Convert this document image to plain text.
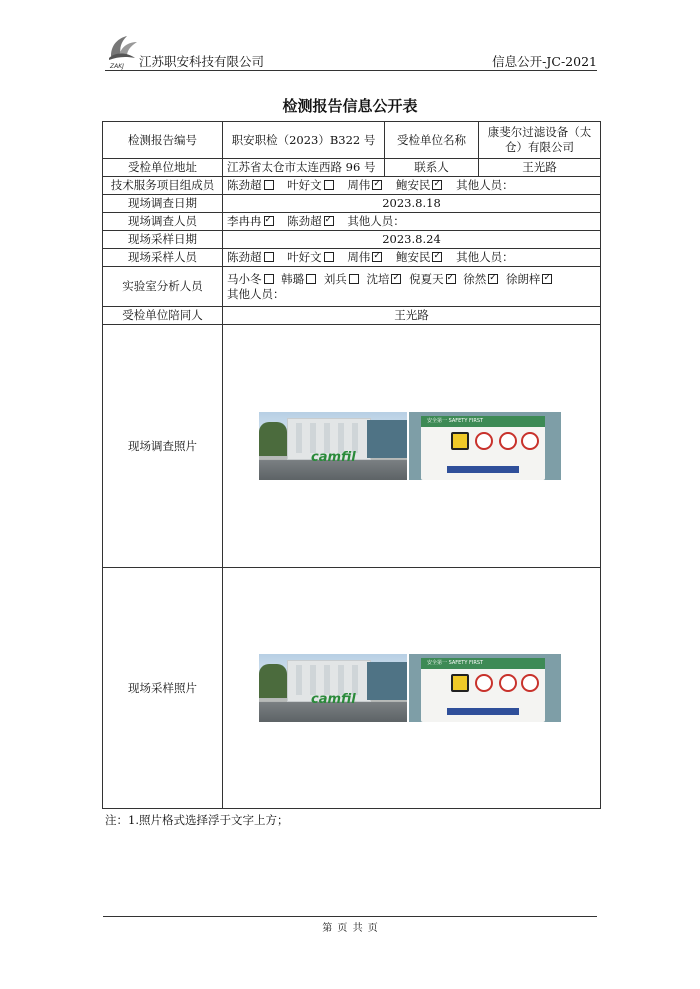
ZAKJ 江苏职安科技有限公司	信息公开-JC-2021
检测报告信息公开表
检测报告编号	职安职检（2023）B322 号	受检单位名称	康斐尔过滤设备（太仓）有限公司
受检单位地址	江苏省太仓市太连西路 96 号	联系人	王光路
技术服务项目组成员	陈劲超 叶好文 周伟 ✓ 鲍安民 ✓ 其他人员：
现场调查日期	2023.8.18		
现场调查人员	李冉冉 ✓ 陈劲超 ✓ 其他人员：
现场采样日期	2023.8.24		
现场采样人员	陈劲超 叶好文 周伟 ✓ 鲍安民 ✓ 其他人员：
实验室分析人员	马小冬 韩璐 刘兵 沈培 ✓ 倪夏天 ✓ 徐然 ✓ 徐朗梓✓
其他人员：
受检单位陪同人	王光路		
现场调查照片	camfil
安全第一 SAFETY FIRST		

现场采样照片	camfil
安全第一 SAFETY FIRST		
注：1.照片格式选择浮于文字上方；
第 页 共 页
